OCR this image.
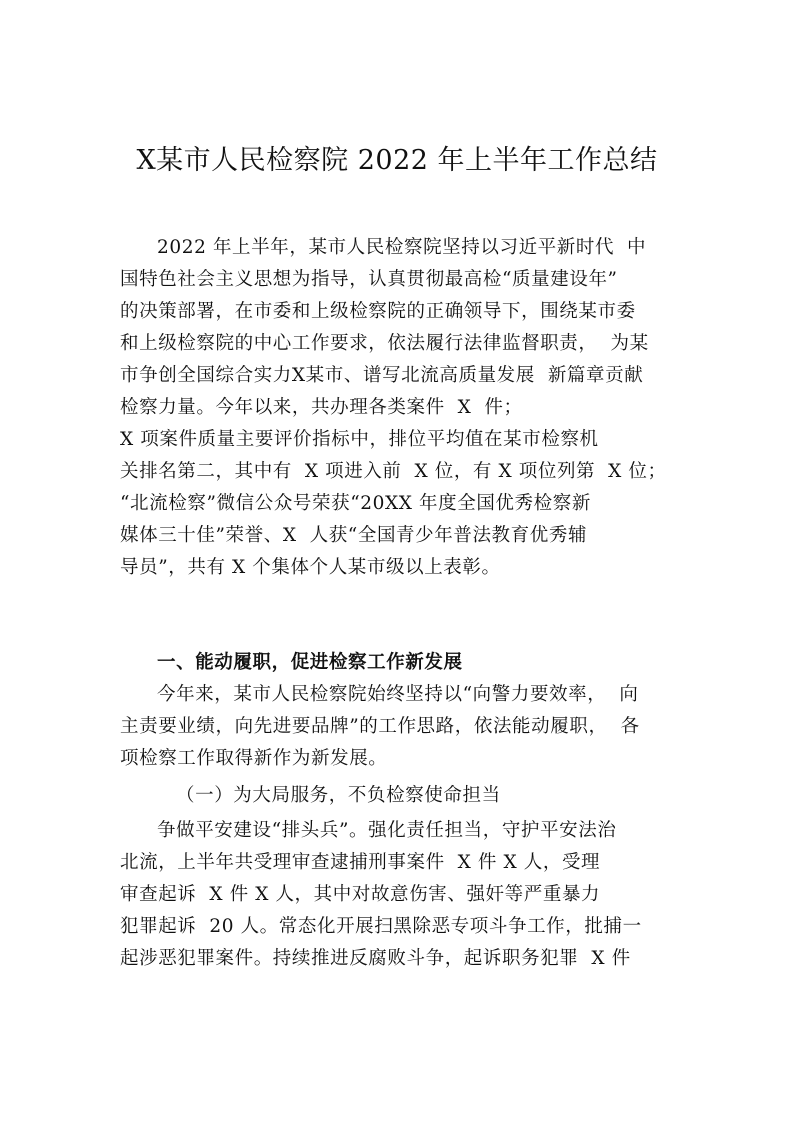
X某市人民检察院 2022 年上半年工作总结
2022 年上半年，某市人民检察院坚持以习近平新时代  中
国特色社会主义思想为指导，认真贯彻最高检“质量建设年”
的决策部署，在市委和上级检察院的正确领导下，围绕某市委
和上级检察院的中心工作要求，依法履行法律监督职责，  为某
市争创全国综合实力X某市、谱写北流高质量发展  新篇章贡献
检察力量。今年以来，共办理各类案件  X  件；
X 项案件质量主要评价指标中，排位平均值在某市检察机
关排名第二，其中有  X 项进入前  X 位，有 X 项位列第  X 位；
“北流检察”微信公众号荣获“20XX 年度全国优秀检察新
媒体三十佳”荣誉、X  人获“全国青少年普法教育优秀辅
导员”，共有 X 个集体个人某市级以上表彰。
一、能动履职，促进检察工作新发展
今年来，某市人民检察院始终坚持以“向警力要效率，  向
主责要业绩，向先进要品牌”的工作思路，依法能动履职，  各
项检察工作取得新作为新发展。
（一）为大局服务，不负检察使命担当
争做平安建设“排头兵”。强化责任担当，守护平安法治
北流，上半年共受理审查逮捕刑事案件  X 件 X 人，受理
审查起诉  X 件 X 人，其中对故意伤害、强奸等严重暴力
犯罪起诉  20 人。常态化开展扫黑除恶专项斗争工作，批捕一
起涉恶犯罪案件。持续推进反腐败斗争，起诉职务犯罪  X 件
